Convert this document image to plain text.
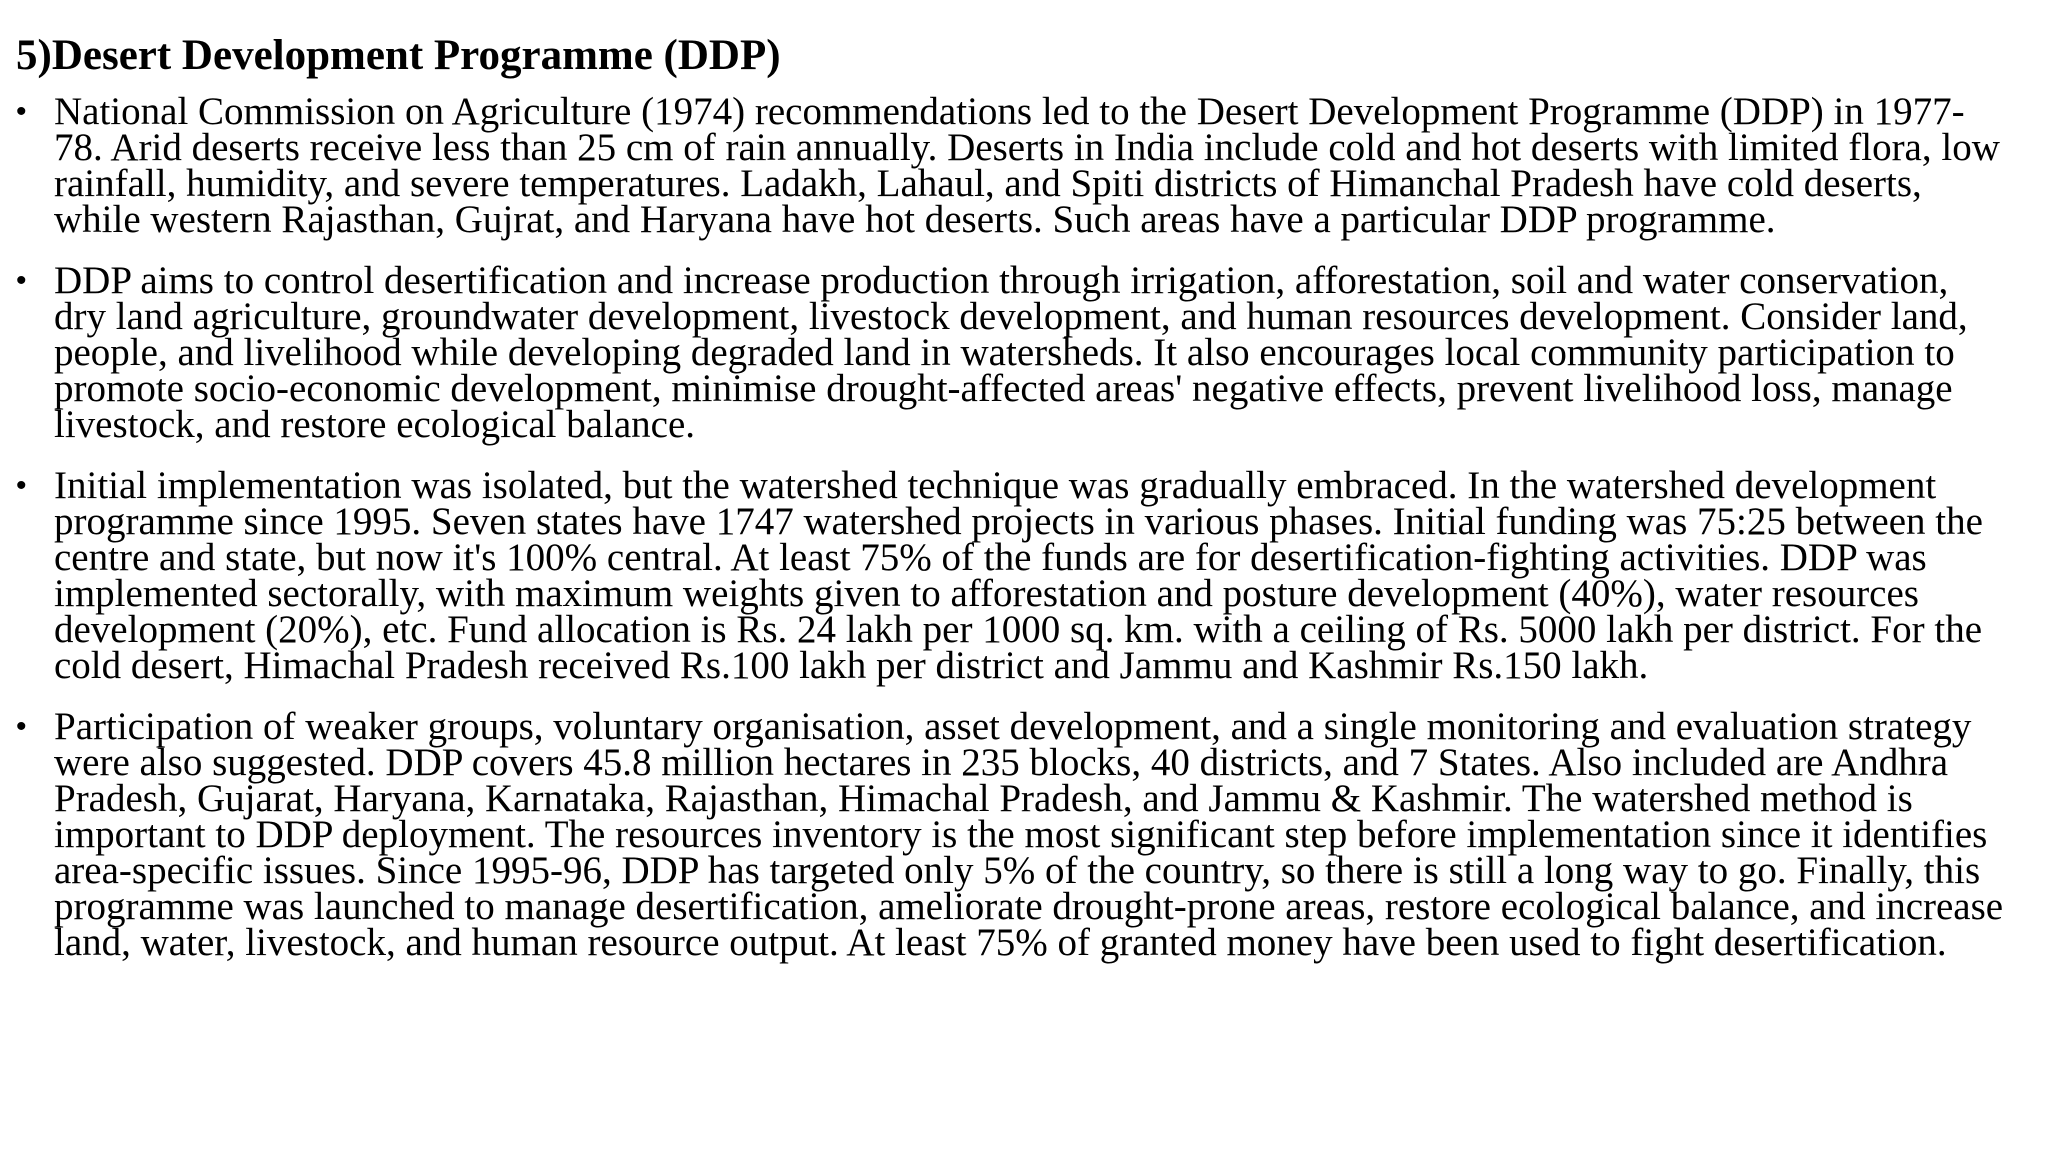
5)Desert Development Programme (DDP)
• National Commission on Agriculture (1974) recommendations led to the Desert Development Programme (DDP) in 1977-78. Arid deserts receive less than 25 cm of rain annually. Deserts in India include cold and hot deserts with limited flora, low rainfall, humidity, and severe temperatures. Ladakh, Lahaul, and Spiti districts of Himanchal Pradesh have cold deserts, while western Rajasthan, Gujrat, and Haryana have hot deserts. Such areas have a particular DDP programme.
• DDP aims to control desertification and increase production through irrigation, afforestation, soil and water conservation, dry land agriculture, groundwater development, livestock development, and human resources development. Consider land, people, and livelihood while developing degraded land in watersheds. It also encourages local community participation to promote socio-economic development, minimise drought-affected areas' negative effects, prevent livelihood loss, manage livestock, and restore ecological balance.
• Initial implementation was isolated, but the watershed technique was gradually embraced. In the watershed development programme since 1995. Seven states have 1747 watershed projects in various phases. Initial funding was 75:25 between the centre and state, but now it's 100% central. At least 75% of the funds are for desertification-fighting activities. DDP was implemented sectorally, with maximum weights given to afforestation and posture development (40%), water resources development (20%), etc. Fund allocation is Rs. 24 lakh per 1000 sq. km. with a ceiling of Rs. 5000 lakh per district. For the cold desert, Himachal Pradesh received Rs.100 lakh per district and Jammu and Kashmir Rs.150 lakh.
• Participation of weaker groups, voluntary organisation, asset development, and a single monitoring and evaluation strategy were also suggested. DDP covers 45.8 million hectares in 235 blocks, 40 districts, and 7 States. Also included are Andhra Pradesh, Gujarat, Haryana, Karnataka, Rajasthan, Himachal Pradesh, and Jammu & Kashmir. The watershed method is important to DDP deployment. The resources inventory is the most significant step before implementation since it identifies area-specific issues. Since 1995-96, DDP has targeted only 5% of the country, so there is still a long way to go. Finally, this programme was launched to manage desertification, ameliorate drought-prone areas, restore ecological balance, and increase land, water, livestock, and human resource output. At least 75% of granted money have been used to fight desertification.
